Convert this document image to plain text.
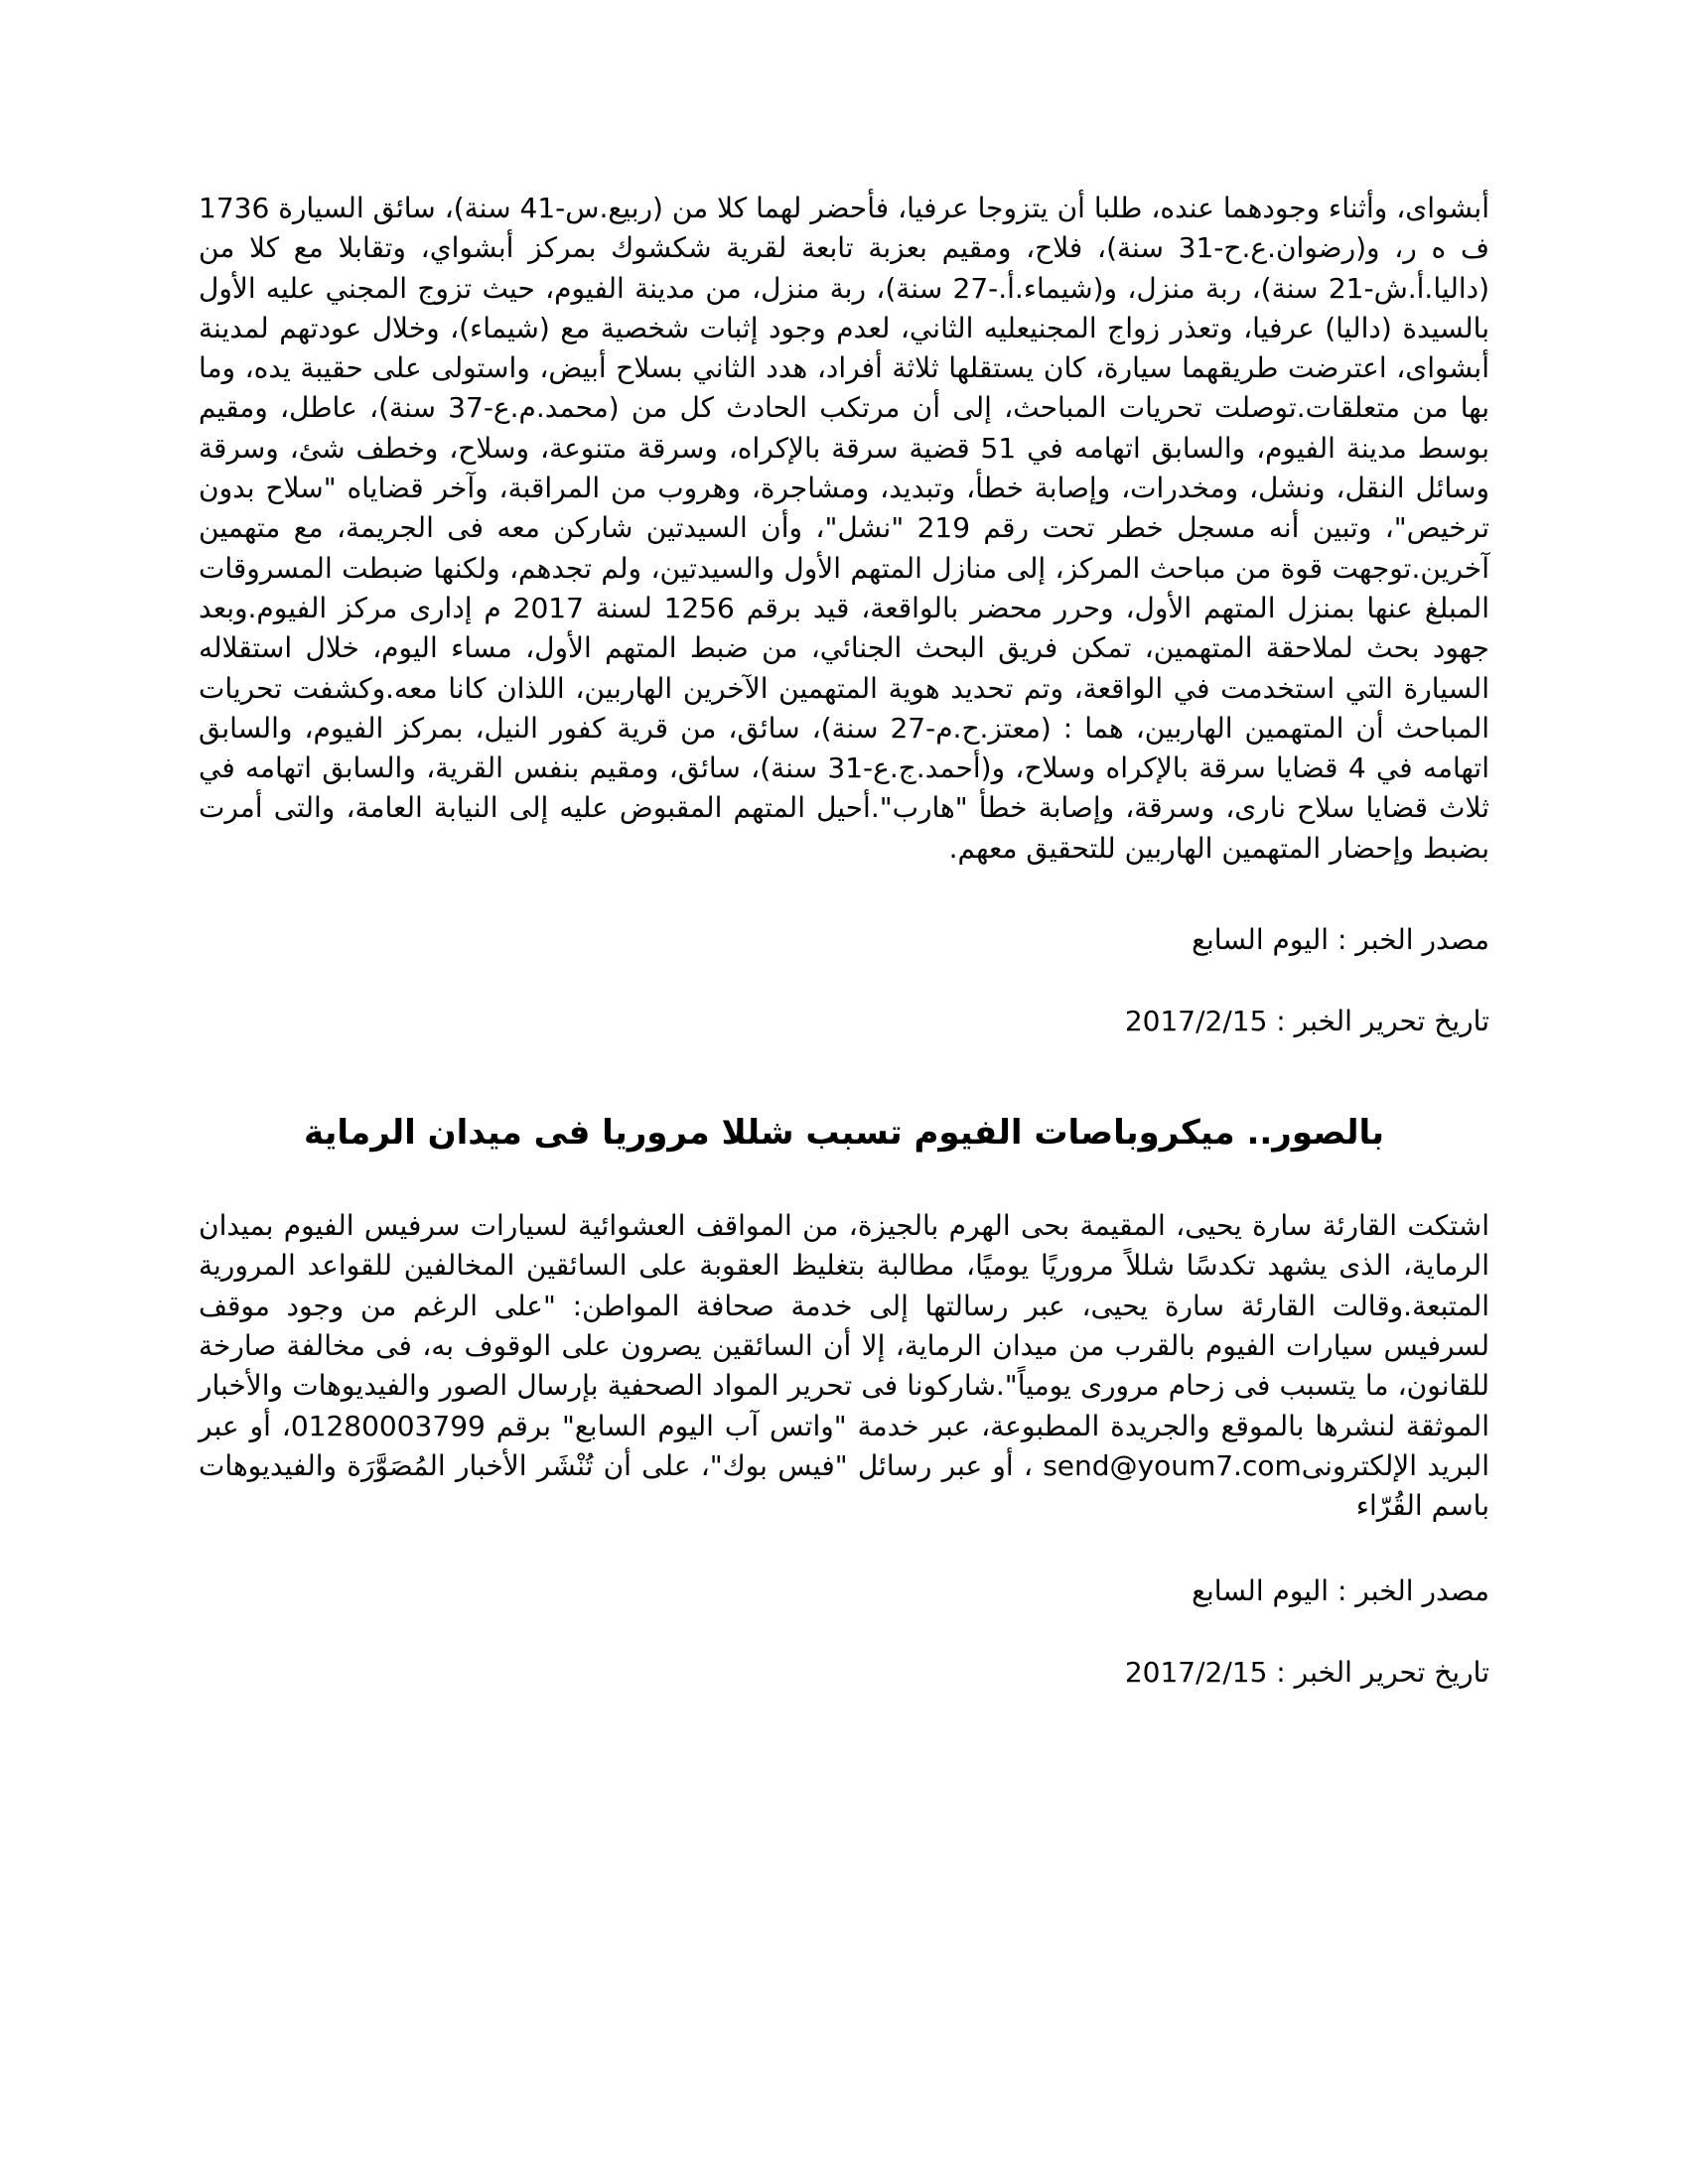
أبشواى، وأثناء وجودهما عنده، طلبا أن يتزوجا عرفيا، فأحضر لهما كلا من (ربيع.س-41 سنة)، سائق السيارة 1736 ف ه ر، و(رضوان.ع.ح-31 سنة)، فلاح، ومقيم بعزبة تابعة لقرية شكشوك بمركز أبشواي، وتقابلا مع كلا من (داليا.أ.ش-21 سنة)، ربة منزل، و(شيماء.أ.-27 سنة)، ربة منزل، من مدينة الفيوم، حيث تزوج المجني عليه الأول بالسيدة (داليا) عرفيا، وتعذر زواج المجنيعليه الثاني، لعدم وجود إثبات شخصية مع (شيماء)، وخلال عودتهم لمدينة أبشواى، اعترضت طريقهما سيارة، كان يستقلها ثلاثة أفراد، هدد الثاني بسلاح أبيض، واستولى على حقيبة يده، وما بها من متعلقات.توصلت تحريات المباحث، إلى أن مرتكب الحادث كل من (محمد.م.ع-37 سنة)، عاطل، ومقيم بوسط مدينة الفيوم، والسابق اتهامه في 51 قضية سرقة بالإكراه، وسرقة متنوعة، وسلاح، وخطف شئ، وسرقة وسائل النقل، ونشل، ومخدرات، وإصابة خطأ، وتبديد، ومشاجرة، وهروب من المراقبة، وآخر قضاياه "سلاح بدون ترخيص"، وتبين أنه مسجل خطر تحت رقم 219 "نشل"، وأن السيدتين شاركن معه فى الجريمة، مع متهمين آخرين.توجهت قوة من مباحث المركز، إلى منازل المتهم الأول والسيدتين، ولم تجدهم، ولكنها ضبطت المسروقات المبلغ عنها بمنزل المتهم الأول، وحرر محضر بالواقعة، قيد برقم 1256 لسنة 2017 م إدارى مركز الفيوم.وبعد جهود بحث لملاحقة المتهمين، تمكن فريق البحث الجنائي، من ضبط المتهم الأول، مساء اليوم، خلال استقلاله السيارة التي استخدمت في الواقعة، وتم تحديد هوية المتهمين الآخرين الهاربين، اللذان كانا معه.وكشفت تحريات المباحث أن المتهمين الهاربين، هما : (معتز.ح.م-27 سنة)، سائق، من قرية كفور النيل، بمركز الفيوم، والسابق اتهامه في 4 قضايا سرقة بالإكراه وسلاح، و(أحمد.ج.ع-31 سنة)، سائق، ومقيم بنفس القرية، والسابق اتهامه في ثلاث قضايا سلاح نارى، وسرقة، وإصابة خطأ "هارب".أحيل المتهم المقبوض عليه إلى النيابة العامة، والتى أمرت بضبط وإحضار المتهمين الهاربين للتحقيق معهم.

مصدر الخبر : اليوم السابع

تاريخ تحرير الخبر : 2017/2/15

بالصور.. ميكروباصات الفيوم تسبب شللا مروريا فى ميدان الرماية

اشتكت القارئة سارة يحيى، المقيمة بحى الهرم بالجيزة، من المواقف العشوائية لسيارات سرفيس الفيوم بميدان الرماية، الذى يشهد تكدسًا شللاً مروريًا يوميًا، مطالبة بتغليظ العقوبة على السائقين المخالفين للقواعد المرورية المتبعة.وقالت القارئة سارة يحيى، عبر رسالتها إلى خدمة صحافة المواطن: "على الرغم من وجود موقف لسرفيس سيارات الفيوم بالقرب من ميدان الرماية، إلا أن السائقين يصرون على الوقوف به، فى مخالفة صارخة للقانون، ما يتسبب فى زحام مرورى يومياً".شاركونا فى تحرير المواد الصحفية بإرسال الصور والفيديوهات والأخبار الموثقة لنشرها بالموقع والجريدة المطبوعة، عبر خدمة "واتس آب اليوم السابع" برقم 01280003799، أو عبر البريد الإلكترونىsend@youm7.com ، أو عبر رسائل "فيس بوك"، على أن تُنْشَر الأخبار المُصَوَّرَة والفيديوهات باسم القُرّاء

مصدر الخبر : اليوم السابع

تاريخ تحرير الخبر : 2017/2/15
